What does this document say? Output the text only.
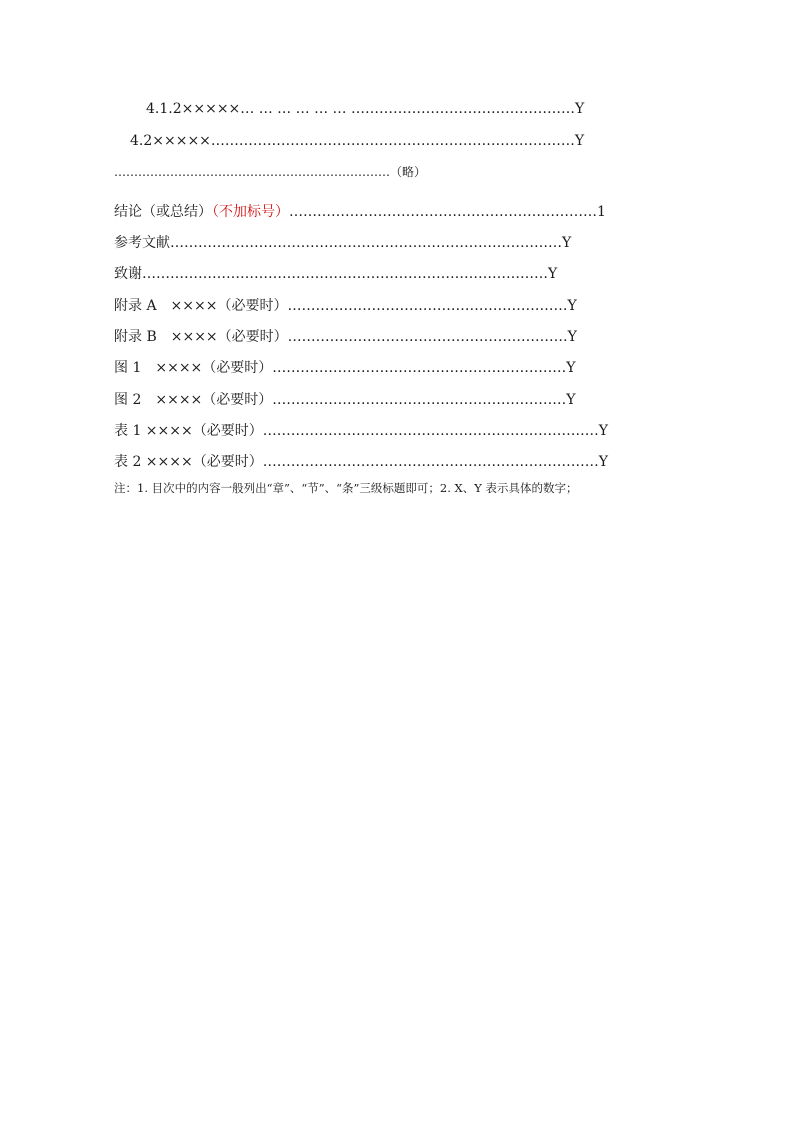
4.1.2×××××… … … … … … …………………………………………Y
4.2×××××……………………………………………………………………Y
……………………………………………………………（略）
结论（或总结）（不加标号）…………………………………………………………1
参考文献…………………………………………………………………………Y
致谢……………………………………………………………………………Y
附录 A　××××（必要时）……………………………………………………Y
附录 B　××××（必要时）……………………………………………………Y
图 1　××××（必要时）………………………………………………………Y
图 2　××××（必要时）………………………………………………………Y
表 1 ××××（必要时）………………………………………………………………Y
表 2 ××××（必要时）………………………………………………………………Y
注：1. 目次中的内容一般列出“章”、“节”、“条”三级标题即可；2. X、Y 表示具体的数字；
